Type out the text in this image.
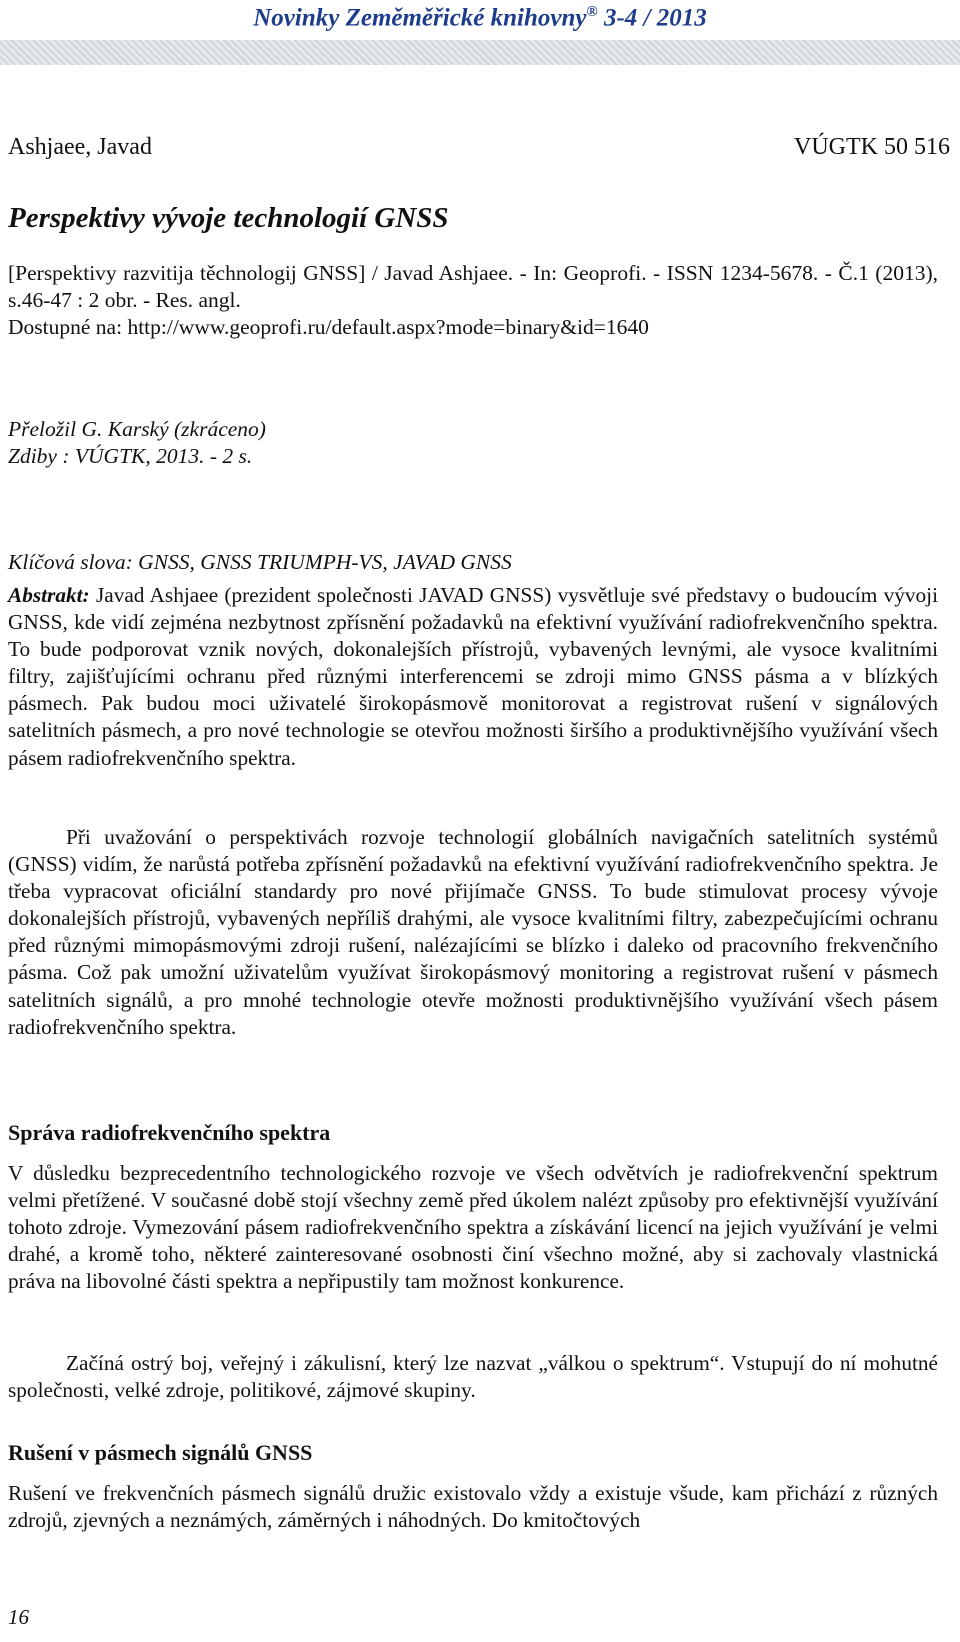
Novinky Zeměměřické knihovny® 3-4 / 2013
Ashjaee, Javad	VÚGTK 50 516
Perspektivy vývoje technologií GNSS
[Perspektivy razvitija těchnologij GNSS] / Javad Ashjaee. - In: Geoprofi. - ISSN 1234-5678. - Č.1 (2013), s.46-47 : 2 obr. - Res. angl.
Dostupné na: http://www.geoprofi.ru/default.aspx?mode=binary&id=1640
Přeložil G. Karský (zkráceno)
Zdiby : VÚGTK, 2013. - 2 s.
Klíčová slova: GNSS, GNSS TRIUMPH-VS, JAVAD GNSS
Abstrakt: Javad Ashjaee (prezident společnosti JAVAD GNSS) vysvětluje své představy o budoucím vývoji GNSS, kde vidí zejména nezbytnost zpřísnění požadavků na efektivní využívání radiofrekvenčního spektra. To bude podporovat vznik nových, dokonalejších přístrojů, vybavených levnými, ale vysoce kvalitními filtry, zajišťujícími ochranu před různými interferencemi se zdroji mimo GNSS pásma a v blízkých pásmech. Pak budou moci uživatelé širokopásmově monitorovat a registrovat rušení v signálových satelitních pásmech, a pro nové technologie se otevřou možnosti širšího a produktivnějšího využívání všech pásem radiofrekvenčního spektra.
Při uvažování o perspektivách rozvoje technologií globálních navigačních satelitních systémů (GNSS) vidím, že narůstá potřeba zpřísnění požadavků na efektivní využívání radiofrekvenčního spektra. Je třeba vypracovat oficiální standardy pro nové přijímače GNSS. To bude stimulovat procesy vývoje dokonalejších přístrojů, vybavených nepříliš drahými, ale vysoce kvalitními filtry, zabezpečujícími ochranu před různými mimopásmovými zdroji rušení, nalézajícími se blízko i daleko od pracovního frekvenčního pásma. Což pak umožní uživatelům využívat širokopásmový monitoring a registrovat rušení v pásmech satelitních signálů, a pro mnohé technologie otevře možnosti produktivnějšího využívání všech pásem radiofrekvenčního spektra.
Správa radiofrekvenčního spektra
V důsledku bezprecedentního technologického rozvoje ve všech odvětvích je radiofrekvenční spektrum velmi přetížené. V současné době stojí všechny země před úkolem nalézt způsoby pro efektivnější využívání tohoto zdroje. Vymezování pásem radiofrekvenčního spektra a získávání licencí na jejich využívání je velmi drahé, a kromě toho, některé zainteresované osobnosti činí všechno možné, aby si zachovaly vlastnická práva na libovolné části spektra a nepřipustily tam možnost konkurence.
Začíná ostrý boj, veřejný i zákulisní, který lze nazvat „válkou o spektrum“. Vstupují do ní mohutné společnosti, velké zdroje, politikové, zájmové skupiny.
Rušení v pásmech signálů GNSS
Rušení ve frekvenčních pásmech signálů družic existovalo vždy a existuje všude, kam přichází z různých zdrojů, zjevných a neznámých, záměrných i náhodných. Do kmitočtových
16
